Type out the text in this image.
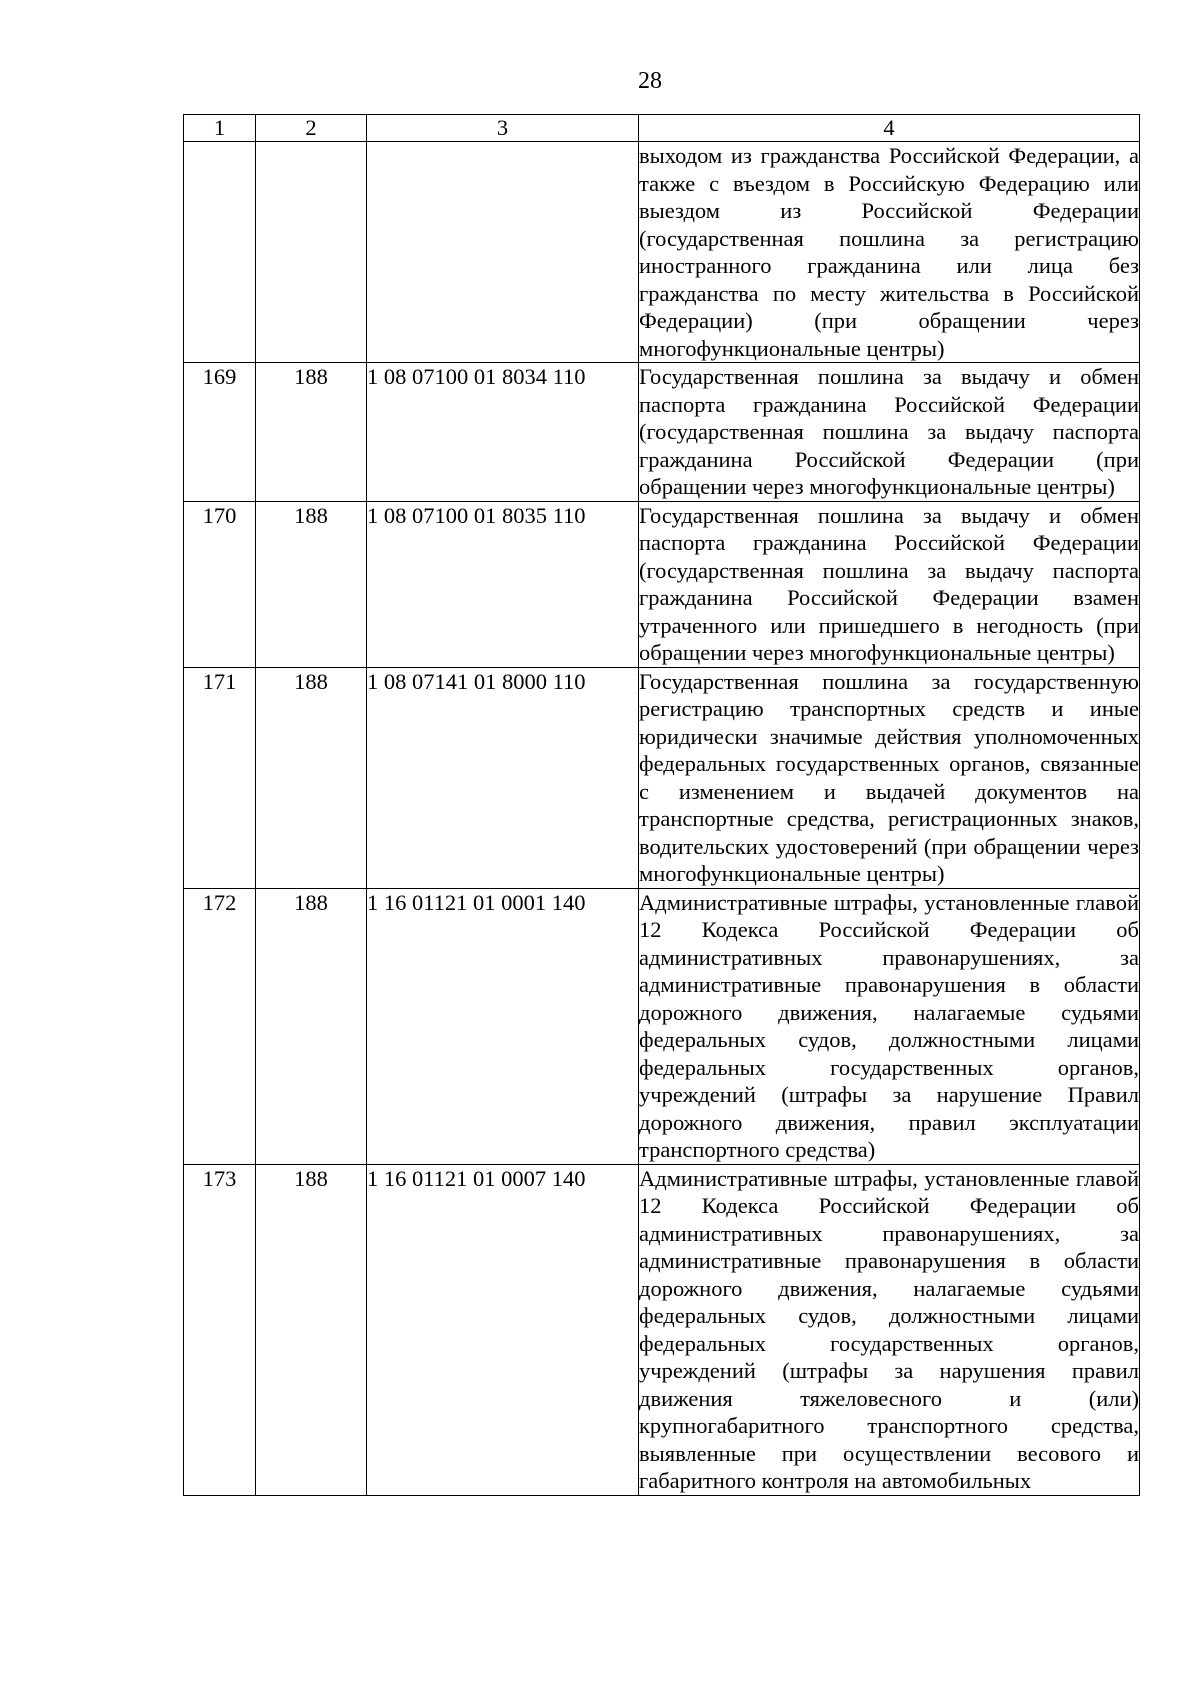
28
1	2	3	4
			выходом из гражданства Российской Федерации, а также с въездом в Российскую Федерацию или выездом из Российской Федерации (государственная пошлина за регистрацию иностранного гражданина или лица без гражданства по месту жительства в Российской Федерации) (при обращении через многофункциональные центры)
169	188	1 08 07100 01 8034 110	Государственная пошлина за выдачу и обмен паспорта гражданина Российской Федерации (государственная пошлина за выдачу паспорта гражданина Российской Федерации (при обращении через многофункциональные центры)
170	188	1 08 07100 01 8035 110	Государственная пошлина за выдачу и обмен паспорта гражданина Российской Федерации (государственная пошлина за выдачу паспорта гражданина Российской Федерации взамен утраченного или пришедшего в негодность (при обращении через многофункциональные центры)
171	188	1 08 07141 01 8000 110	Государственная пошлина за государственную регистрацию транспортных средств и иные юридически значимые действия уполномоченных федеральных государственных органов, связанные с изменением и выдачей документов на транспортные средства, регистрационных знаков, водительских удостоверений (при обращении через многофункциональные центры)
172	188	1 16 01121 01 0001 140	Административные штрафы, установленные главой 12 Кодекса Российской Федерации об административных правонарушениях, за административные правонарушения в области дорожного движения, налагаемые судьями федеральных судов, должностными лицами федеральных государственных органов, учреждений (штрафы за нарушение Правил дорожного движения, правил эксплуатации транспортного средства)
173	188	1 16 01121 01 0007 140	Административные штрафы, установленные главой 12 Кодекса Российской Федерации об административных правонарушениях, за административные правонарушения в области дорожного движения, налагаемые судьями федеральных судов, должностными лицами федеральных государственных органов, учреждений (штрафы за нарушения правил движения тяжеловесного и (или) крупногабаритного транспортного средства, выявленные при осуществлении весового и габаритного контроля на автомобильных
